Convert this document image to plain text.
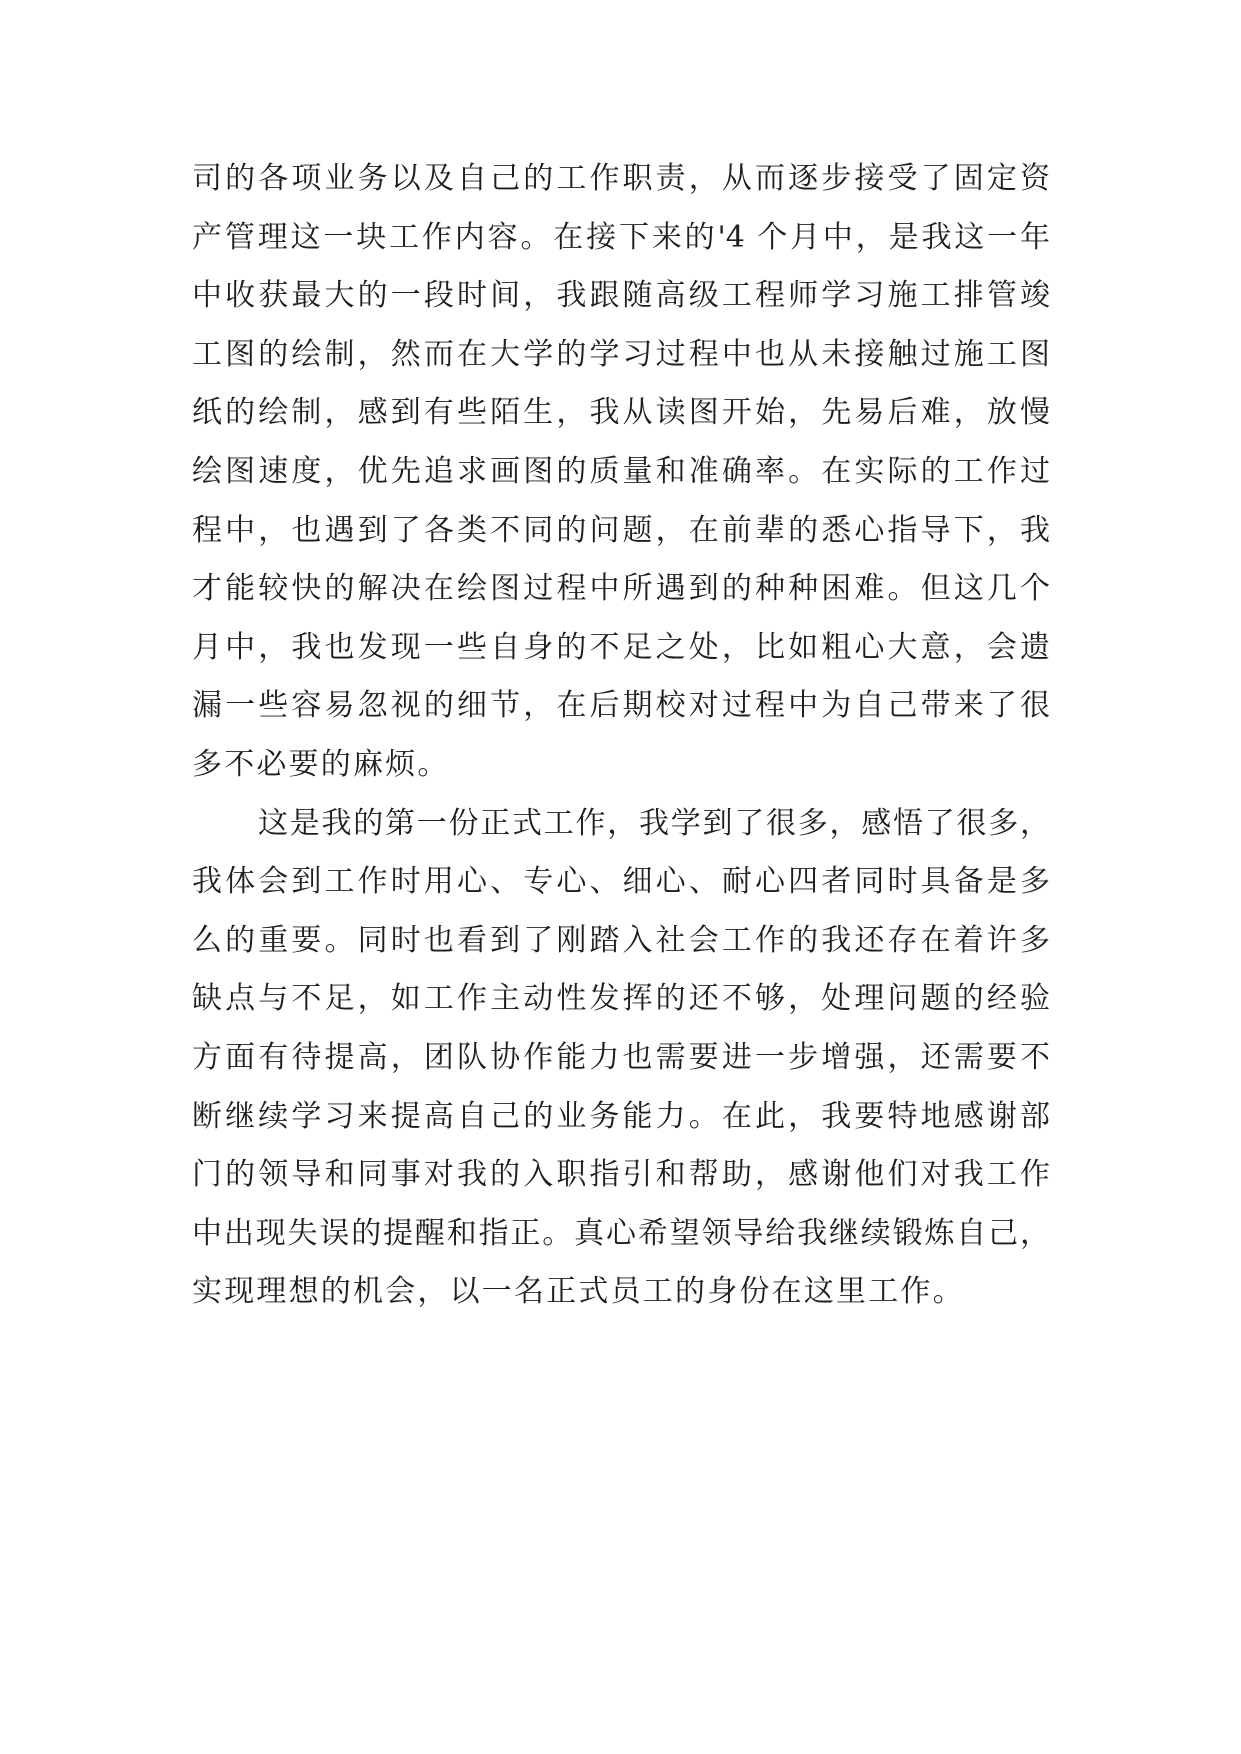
司的各项业务以及自己的工作职责，从而逐步接受了固定资
产管理这一块工作内容。在接下来的'4 个月中，是我这一年
中收获最大的一段时间，我跟随高级工程师学习施工排管竣
工图的绘制，然而在大学的学习过程中也从未接触过施工图
纸的绘制，感到有些陌生，我从读图开始，先易后难，放慢
绘图速度，优先追求画图的质量和准确率。在实际的工作过
程中，也遇到了各类不同的问题，在前辈的悉心指导下，我
才能较快的解决在绘图过程中所遇到的种种困难。但这几个
月中，我也发现一些自身的不足之处，比如粗心大意，会遗
漏一些容易忽视的细节，在后期校对过程中为自己带来了很
多不必要的麻烦。
这是我的第一份正式工作，我学到了很多，感悟了很多，
我体会到工作时用心、专心、细心、耐心四者同时具备是多
么的重要。同时也看到了刚踏入社会工作的我还存在着许多
缺点与不足，如工作主动性发挥的还不够，处理问题的经验
方面有待提高，团队协作能力也需要进一步增强，还需要不
断继续学习来提高自己的业务能力。在此，我要特地感谢部
门的领导和同事对我的入职指引和帮助，感谢他们对我工作
中出现失误的提醒和指正。真心希望领导给我继续锻炼自己，
实现理想的机会，以一名正式员工的身份在这里工作。
